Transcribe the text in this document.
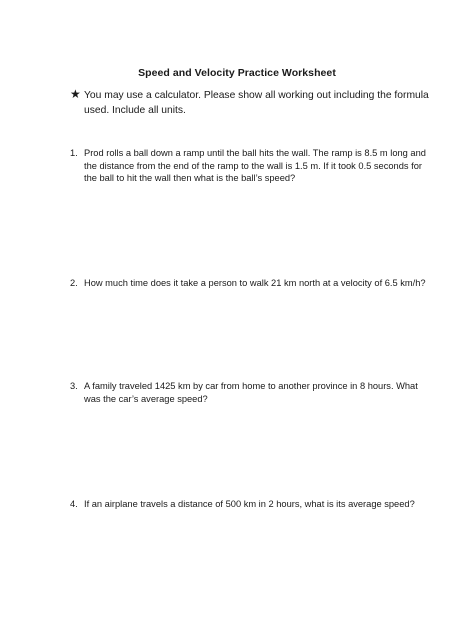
Speed and Velocity Practice Worksheet
★ You may use a calculator. Please show all working out including the formula used. Include all units.
1. Prod rolls a ball down a ramp until the ball hits the wall. The ramp is 8.5 m long and the distance from the end of the ramp to the wall is 1.5 m. If it took 0.5 seconds for the ball to hit the wall then what is the ball’s speed?
2. How much time does it take a person to walk 21 km north at a velocity of 6.5 km/h?
3. A family traveled 1425 km by car from home to another province in 8 hours. What was the car’s average speed?
4. If an airplane travels a distance of 500 km in 2 hours, what is its average speed?
